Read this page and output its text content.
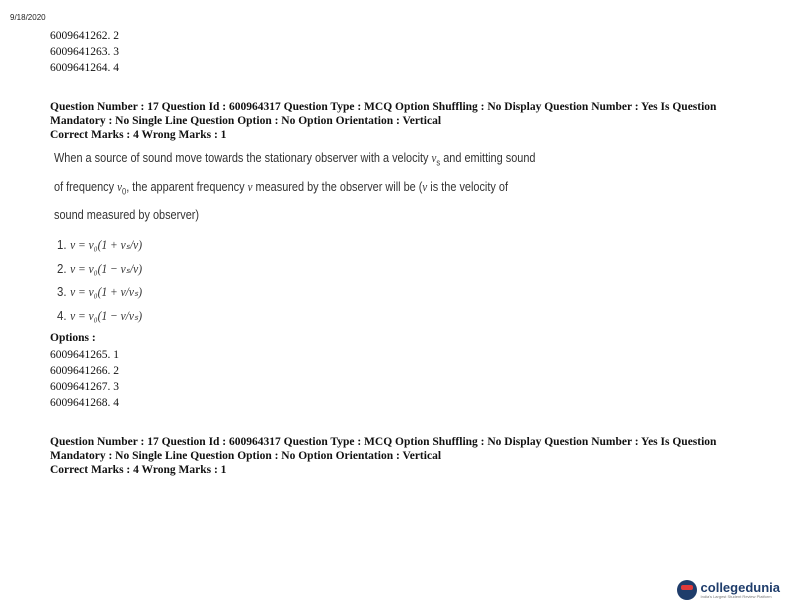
9/18/2020
6009641262. 2
6009641263. 3
6009641264. 4
Question Number : 17 Question Id : 600964317 Question Type : MCQ Option Shuffling : No Display Question Number : Yes Is Question
Mandatory : No Single Line Question Option : No Option Orientation : Vertical
Correct Marks : 4 Wrong Marks : 1
When a source of sound move towards the stationary observer with a velocity $v_s$ and emitting sound
of frequency $v_0$, the apparent frequency v measured by the observer will be (v is the velocity of
sound measured by observer)
1. v = v₀(1 + vₛ/v)
2. v = v₀(1 − vₛ/v)
3. v = v₀(1 + v/vₛ)
4. v = v₀(1 − v/vₛ)
Options :
6009641265. 1
6009641266. 2
6009641267. 3
6009641268. 4
Question Number : 17 Question Id : 600964317 Question Type : MCQ Option Shuffling : No Display Question Number : Yes Is Question
Mandatory : No Single Line Question Option : No Option Orientation : Vertical
Correct Marks : 4 Wrong Marks : 1
collegedunia
India's Largest Student Review Platform
